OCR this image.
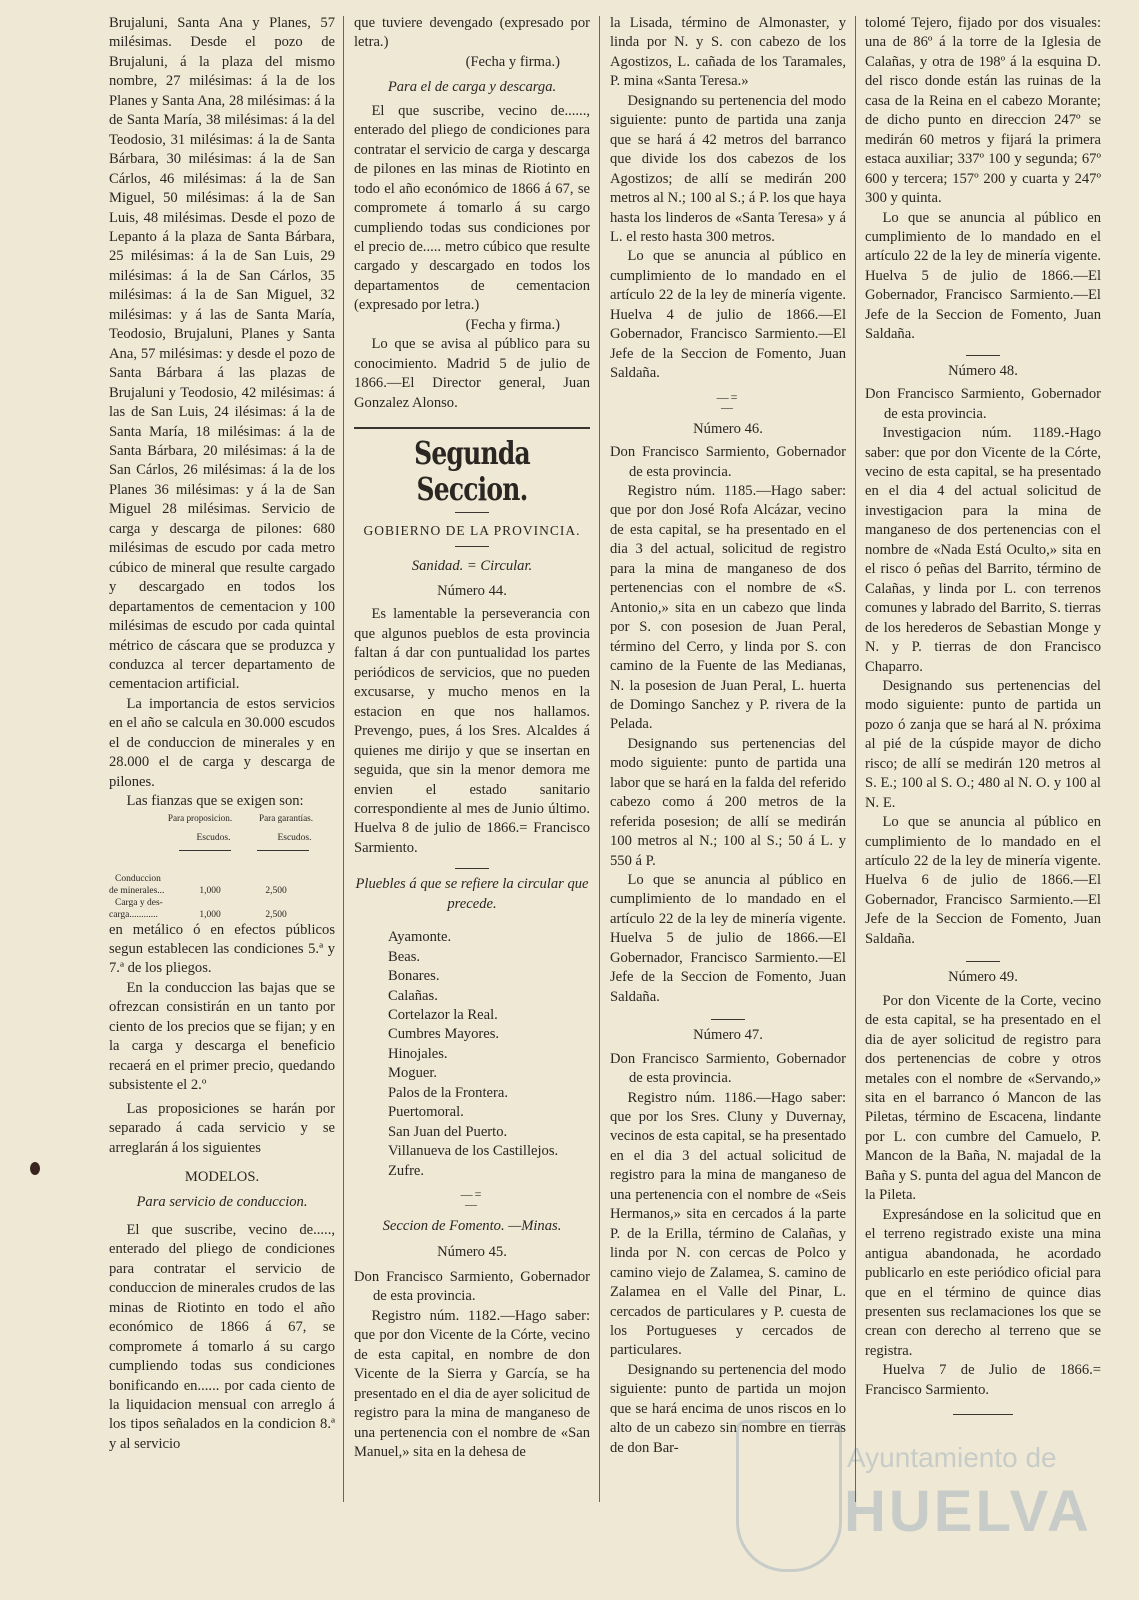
Brujaluni, Santa Ana y Planes, 57 milésimas. Desde el pozo de Brujaluni, á la plaza del mismo nombre, 27 milésimas: á la de los Planes y Santa Ana, 28 milésimas: á la de Santa María, 38 milésimas: á la del Teodosio, 31 milésimas: á la de Santa Bárbara, 30 milésimas: á la de San Cárlos, 46 milésimas: á la de San Miguel, 50 milésimas: á la de San Luis, 48 milésimas. Desde el pozo de Lepanto á la plaza de Santa Bárbara, 25 milésimas: á la de San Luis, 29 milésimas: á la de San Cárlos, 35 milésimas: á la de San Miguel, 32 milésimas: y á las de Santa María, Teodosio, Brujaluni, Planes y Santa Ana, 57 milésimas: y desde el pozo de Santa Bárbara á las plazas de Brujaluni y Teodosio, 42 milésimas: á las de San Luis, 24 ilésimas: á la de Santa María, 18 milésimas: á la de Santa Bárbara, 20 milésimas: á la de San Cárlos, 26 milésimas: á la de los Planes 36 milésimas: y á la de San Miguel 28 milésimas. Servicio de carga y descarga de pilones: 680 milésimas de escudo por cada metro cúbico de mineral que resulte cargado y descargado en todos los departamentos de cementacion y 100 milésimas de escudo por cada quintal métrico de cáscara que se produzca y conduzca al tercer departamento de cementacion artificial.

La importancia de estos servicios en el año se calcula en 30.000 escudos el de conduccion de minerales y en 28.000 el de carga y descarga de pilones.

Las fianzas que se exigen son:

Para proposicion.	Para garantías.
Escudos.	Escudos.
Conduccion
de minerales...	1,000	2,500
Carga y des-
carga............	1,000	2,500

en metálico ó en efectos públicos segun establecen las condiciones 5.ª y 7.ª de los pliegos.

En la conduccion las bajas que se ofrezcan consistirán en un tanto por ciento de los precios que se fijan; y en la carga y descarga el beneficio recaerá en el primer precio, quedando subsistente el 2.º

Las proposiciones se harán por separado á cada servicio y se arreglarán á los siguientes

MODELOS.

Para servicio de conduccion.

El que suscribe, vecino de....., enterado del pliego de condiciones para contratar el servicio de conduccion de minerales crudos de las minas de Riotinto en todo el año económico de 1866 á 67, se compromete á tomarlo á su cargo cumpliendo todas sus condiciones bonificando en...... por cada ciento de la liquidacion mensual con arreglo á los tipos señalados en la condicion 8.ª y al servicio

que tuviere devengado (expresado por letra.)

(Fecha y firma.)

Para el de carga y descarga.

El que suscribe, vecino de......, enterado del pliego de condiciones para contratar el servicio de carga y descarga de pilones en las minas de Riotinto en todo el año económico de 1866 á 67, se compromete á tomarlo á su cargo cumpliendo todas sus condiciones por el precio de..... metro cúbico que resulte cargado y descargado en todos los departamentos de cementacion (expresado por letra.)

(Fecha y firma.)

Lo que se avisa al público para su conocimiento. Madrid 5 de julio de 1866.—El Director general, Juan Gonzalez Alonso.

Segunda Seccion.
GOBIERNO DE LA PROVINCIA.

Sanidad. = Circular.

Número 44.

Es lamentable la perseverancia con que algunos pueblos de esta provincia faltan á dar con puntualidad los partes periódicos de servicios, que no pueden excusarse, y mucho menos en la estacion en que nos hallamos. Prevengo, pues, á los Sres. Alcaldes á quienes me dirijo y que se insertan en seguida, que sin la menor demora me envien el estado sanitario correspondiente al mes de Junio último. Huelva 8 de julio de 1866.= Francisco Sarmiento.

Pluebles á que se refiere la circular que precede.

Ayamonte.
Beas.
Bonares.
Calañas.
Cortelazor la Real.
Cumbres Mayores.
Hinojales.
Moguer.
Palos de la Frontera.
Puertomoral.
San Juan del Puerto.
Villanueva de los Castillejos.
Zufre.
—=—

Seccion de Fomento. —Minas.

Número 45.

Don Francisco Sarmiento, Gobernador de esta provincia.

Registro núm. 1182.—Hago saber: que por don Vicente de la Córte, vecino de esta capital, en nombre de don Vicente de la Sierra y García, se ha presentado en el dia de ayer solicitud de registro para la mina de manganeso de una pertenencia con el nombre de «San Manuel,» sita en la dehesa de

la Lisada, término de Almonaster, y linda por N. y S. con cabezo de los Agostizos, L. cañada de los Taramales, P. mina «Santa Teresa.»

Designando su pertenencia del modo siguiente: punto de partida una zanja que se hará á 42 metros del barranco que divide los dos cabezos de los Agostizos; de allí se medirán 200 metros al N.; 100 al S.; á P. los que haya hasta los linderos de «Santa Teresa» y á L. el resto hasta 300 metros.

Lo que se anuncia al público en cumplimiento de lo mandado en el artículo 22 de la ley de minería vigente. Huelva 4 de julio de 1866.—El Gobernador, Francisco Sarmiento.—El Jefe de la Seccion de Fomento, Juan Saldaña.

—=—

Número 46.

Don Francisco Sarmiento, Gobernador de esta provincia.

Registro núm. 1185.—Hago saber: que por don José Rofa Alcázar, vecino de esta capital, se ha presentado en el dia 3 del actual, solicitud de registro para la mina de manganeso de dos pertenencias con el nombre de «S. Antonio,» sita en un cabezo que linda por S. con posesion de Juan Peral, término del Cerro, y linda por S. con camino de la Fuente de las Medianas, N. la posesion de Juan Peral, L. huerta de Domingo Sanchez y P. rivera de la Pelada.

Designando sus pertenencias del modo siguiente: punto de partida una labor que se hará en la falda del referido cabezo como á 200 metros de la referida posesion; de allí se medirán 100 metros al N.; 100 al S.; 50 á L. y 550 á P.

Lo que se anuncia al público en cumplimiento de lo mandado en el artículo 22 de la ley de minería vigente. Huelva 5 de julio de 1866.—El Gobernador, Francisco Sarmiento.—El Jefe de la Seccion de Fomento, Juan Saldaña.

Número 47.

Don Francisco Sarmiento, Gobernador de esta provincia.

Registro núm. 1186.—Hago saber: que por los Sres. Cluny y Duvernay, vecinos de esta capital, se ha presentado en el dia 3 del actual solicitud de registro para la mina de manganeso de una pertenencia con el nombre de «Seis Hermanos,» sita en cercados á la parte P. de la Erilla, término de Calañas, y linda por N. con cercas de Polco y camino viejo de Zalamea, S. camino de Zalamea en el Valle del Pinar, L. cercados de particulares y P. cuesta de los Portugueses y cercados de particulares.

Designando su pertenencia del modo siguiente: punto de partida un mojon que se hará encima de unos riscos en lo alto de un cabezo sin nombre en tierras de don Bar-

tolomé Tejero, fijado por dos visuales: una de 86º á la torre de la Iglesia de Calañas, y otra de 198º á la esquina D. del risco donde están las ruinas de la casa de la Reina en el cabezo Morante; de dicho punto en direccion 247º se medirán 60 metros y fijará la primera estaca auxiliar; 337º 100 y segunda; 67º 600 y tercera; 157º 200 y cuarta y 247º 300 y quinta.

Lo que se anuncia al público en cumplimiento de lo mandado en el artículo 22 de la ley de minería vigente. Huelva 5 de julio de 1866.—El Gobernador, Francisco Sarmiento.—El Jefe de la Seccion de Fomento, Juan Saldaña.

Número 48.

Don Francisco Sarmiento, Gobernador de esta provincia.

Investigacion núm. 1189.-Hago saber: que por don Vicente de la Córte, vecino de esta capital, se ha presentado en el dia 4 del actual solicitud de investigacion para la mina de manganeso de dos pertenencias con el nombre de «Nada Está Oculto,» sita en el risco ó peñas del Barrito, término de Calañas, y linda por L. con terrenos comunes y labrado del Barrito, S. tierras de los herederos de Sebastian Monge y N. y P. tierras de don Francisco Chaparro.

Designando sus pertenencias del modo siguiente: punto de partida un pozo ó zanja que se hará al N. próxima al pié de la cúspide mayor de dicho risco; de allí se medirán 120 metros al S. E.; 100 al S. O.; 480 al N. O. y 100 al N. E.

Lo que se anuncia al público en cumplimiento de lo mandado en el artículo 22 de la ley de minería vigente. Huelva 6 de julio de 1866.—El Gobernador, Francisco Sarmiento.—El Jefe de la Seccion de Fomento, Juan Saldaña.

Número 49.

Por don Vicente de la Corte, vecino de esta capital, se ha presentado en el dia de ayer solicitud de registro para dos pertenencias de cobre y otros metales con el nombre de «Servando,» sita en el barranco ó Mancon de las Piletas, término de Escacena, lindante por L. con cumbre del Camuelo, P. Mancon de la Baña, N. majadal de la Baña y S. punta del agua del Mancon de la Pileta.

Expresándose en la solicitud que en el terreno registrado existe una mina antigua abandonada, he acordado publicarlo en este periódico oficial para que en el término de quince dias presenten sus reclamaciones los que se crean con derecho al terreno que se registra.

Huelva 7 de Julio de 1866.= Francisco Sarmiento.

Ayuntamiento de
HUELVA
